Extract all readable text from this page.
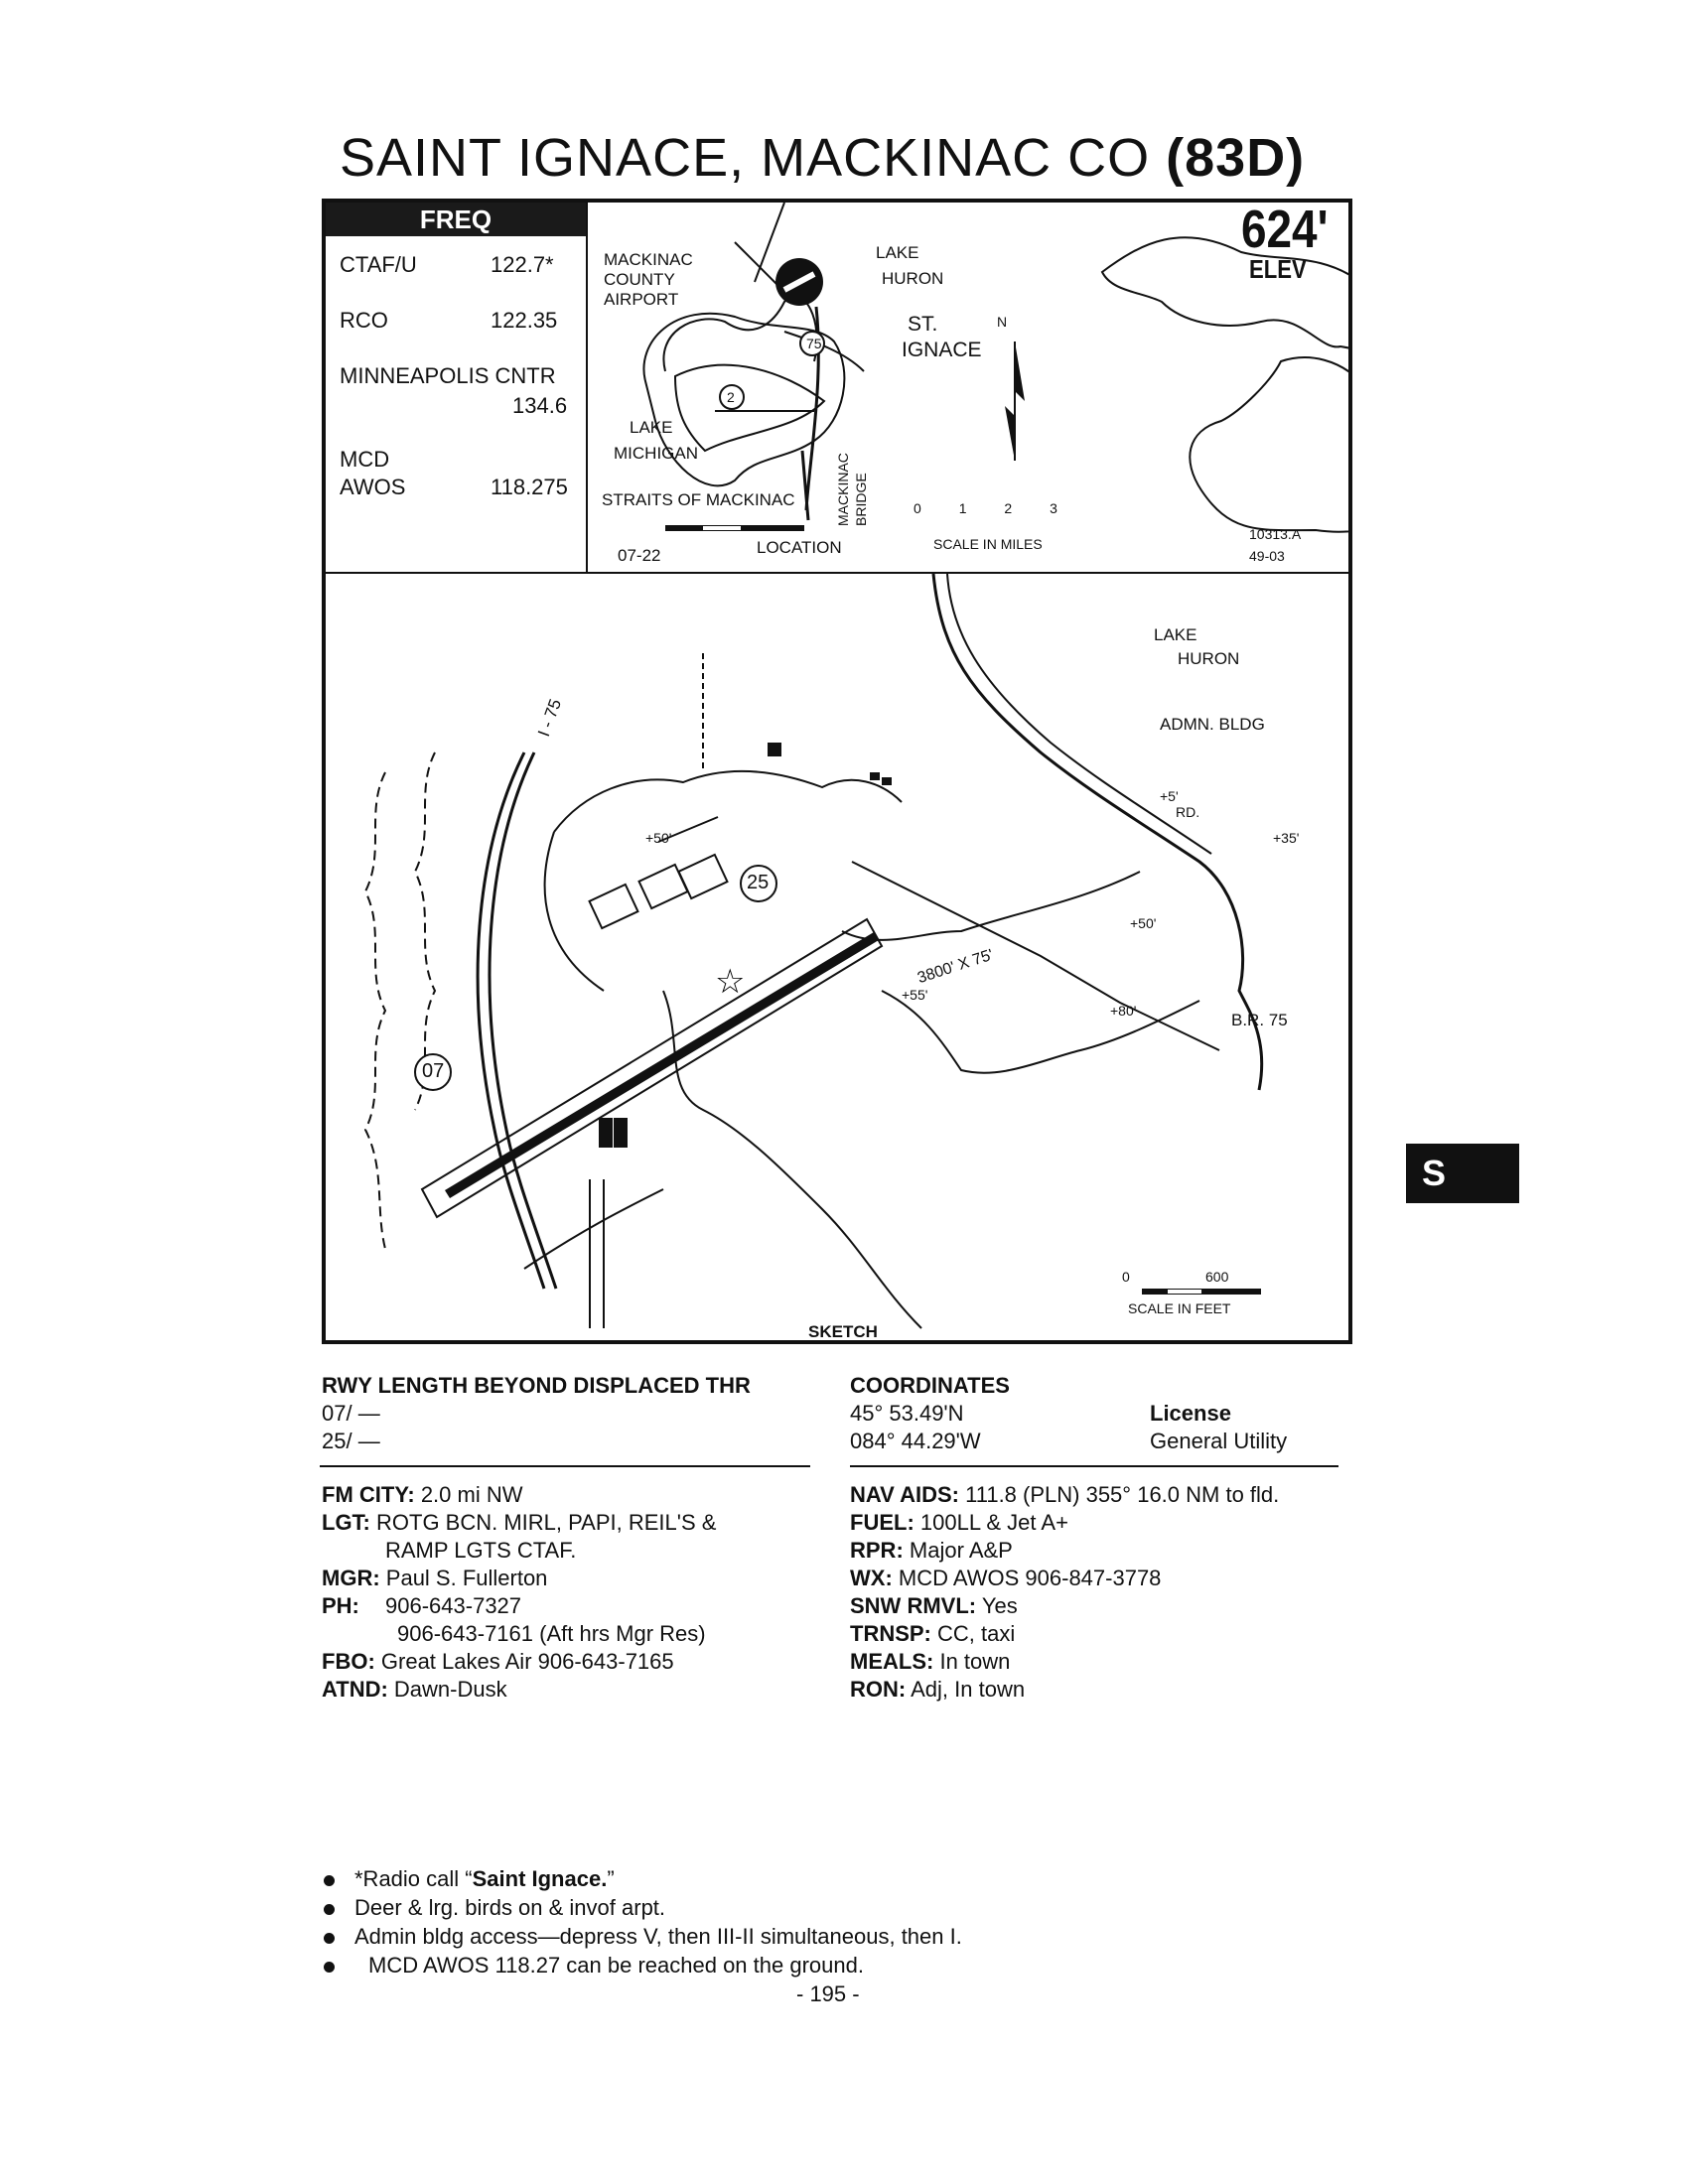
SAINT IGNACE, MACKINAC CO (83D)
FREQ
CTAF/U	122.7*
RCO	122.35
MINNEAPOLIS CNTR
134.6
MCD
AWOS	118.275
MACKINAC
COUNTY
AIRPORT
LAKE
HURON
ST.
IGNACE
N
75
2
LAKE
MICHIGAN
STRAITS OF MACKINAC	MACKINAC BRIDGE	0	1	2	3
SCALE IN MILES
07-22	LOCATION
624'
ELEV
10313.A
49-03
☆
LAKE
HURON
ADMN. BLDG
+5'
RD.
+35'
+50'
+50'
+55'
+80'	B.R. 75
I - 75
07
25
3800' X 75'
0	600
SCALE IN FEET
SKETCH
RWY LENGTH BEYOND DISPLACED THR
07/ —
25/ —
COORDINATES
45° 53.49'N
084° 44.29'W
License
General Utility
FM CITY: 2.0 mi NW
LGT: ROTG BCN. MIRL, PAPI, REIL'S &
RAMP LGTS CTAF.
MGR: Paul S. Fullerton
PH: 906-643-7327
906-643-7161 (Aft hrs Mgr Res)
FBO: Great Lakes Air 906-643-7165
ATND: Dawn-Dusk
NAV AIDS: 111.8 (PLN) 355° 16.0 NM to fld.
FUEL: 100LL & Jet A+
RPR: Major A&P
WX: MCD AWOS 906-847-3778
SNW RMVL: Yes
TRNSP: CC, taxi
MEALS: In town
RON: Adj, In town
S
*Radio call “Saint Ignace.”
Deer & lrg. birds on & invof arpt.
Admin bldg access—depress V, then III-II simultaneous, then I.
MCD AWOS 118.27 can be reached on the ground.
- 195 -
